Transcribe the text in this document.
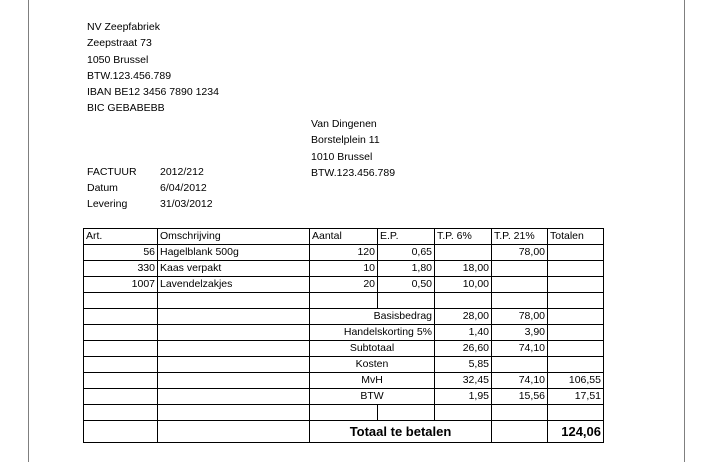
NV Zeepfabriek
Zeepstraat 73
1050 Brussel
BTW.123.456.789
IBAN BE12 3456 7890 1234
BIC GEBABEBB
Van Dingenen
Borstelplein 11
1010 Brussel
BTW.123.456.789
FACTUUR 2012/212
Datum	6/04/2012
Levering	31/03/2012
Art.	Omschrijving	Aantal	E.P.	T.P. 6%	T.P. 21%	Totalen
56	Hagelblank 500g	120	0,65		78,00	
330	Kaas verpakt	10	1,80	18,00		
1007	Lavendelzakjes	20	0,50	10,00		

		Basisbedrag		28,00	78,00	
		Handelskorting 5%		1,40	3,90	
		Subtotaal		26,60	74,10	
		Kosten		5,85		
		MvH		32,45	74,10	106,55
		BTW		1,95	15,56	17,51

		Totaal te betalen				124,06
